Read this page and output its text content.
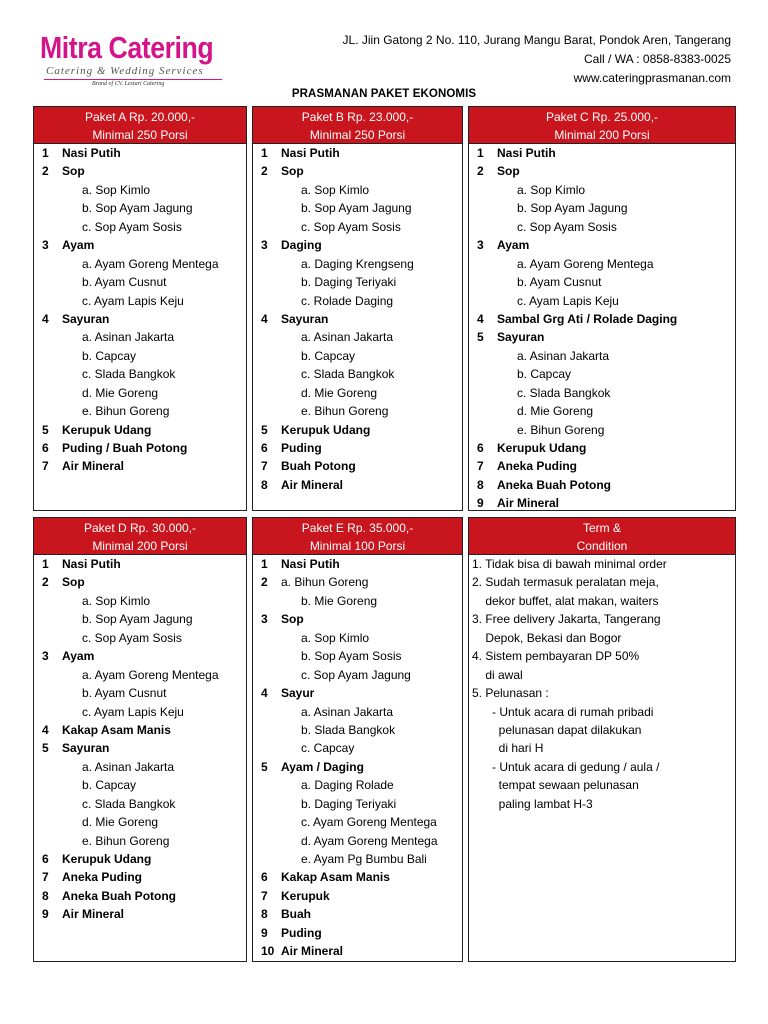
Mitra Catering
Catering & Wedding Services
Brand of CV. Lestari Catering
JL. Jiin Gatong 2 No. 110, Jurang Mangu Barat, Pondok Aren, Tangerang
Call / WA : 0858-8383-0025
www.cateringprasmanan.com
PRASMANAN PAKET EKONOMIS
Paket A Rp. 20.000,-
Minimal 250 Porsi
1	Nasi Putih
2	Sop
a. Sop Kimlo
b. Sop Ayam Jagung
c. Sop Ayam Sosis
3	Ayam
a. Ayam Goreng Mentega
b. Ayam Cusnut
c. Ayam Lapis Keju
4	Sayuran
a. Asinan Jakarta
b. Capcay
c. Slada Bangkok
d. Mie Goreng
e. Bihun Goreng
5	Kerupuk Udang
6	Puding / Buah Potong
7	Air Mineral
Paket B Rp. 23.000,-
Minimal 250 Porsi
1	Nasi Putih
2	Sop
a. Sop Kimlo
b. Sop Ayam Jagung
c. Sop Ayam Sosis
3	Daging
a. Daging Krengseng
b. Daging Teriyaki
c. Rolade Daging
4	Sayuran
a. Asinan Jakarta
b. Capcay
c. Slada Bangkok
d. Mie Goreng
e. Bihun Goreng
5	Kerupuk Udang
6	Puding
7	Buah Potong
8	Air Mineral
Paket C Rp. 25.000,-
Minimal 200 Porsi
1	Nasi Putih
2	Sop
a. Sop Kimlo
b. Sop Ayam Jagung
c. Sop Ayam Sosis
3	Ayam
a. Ayam Goreng Mentega
b. Ayam Cusnut
c. Ayam Lapis Keju
4	Sambal Grg Ati / Rolade Daging
5	Sayuran
a. Asinan Jakarta
b. Capcay
c. Slada Bangkok
d. Mie Goreng
e. Bihun Goreng
6	Kerupuk Udang
7	Aneka Puding
8	Aneka Buah Potong
9	Air Mineral
Paket D Rp. 30.000,-
Minimal 200 Porsi
1	Nasi Putih
2	Sop
a. Sop Kimlo
b. Sop Ayam Jagung
c. Sop Ayam Sosis
3	Ayam
a. Ayam Goreng Mentega
b. Ayam Cusnut
c. Ayam Lapis Keju
4	Kakap Asam Manis
5	Sayuran
a. Asinan Jakarta
b. Capcay
c. Slada Bangkok
d. Mie Goreng
e. Bihun Goreng
6	Kerupuk Udang
7	Aneka Puding
8	Aneka Buah Potong
9	Air Mineral
Paket E Rp. 35.000,-
Minimal 100 Porsi
1	Nasi Putih
2	a. Bihun Goreng
b. Mie Goreng
3	Sop
a. Sop Kimlo
b. Sop Ayam Sosis
c. Sop Ayam Jagung
4	Sayur
a. Asinan Jakarta
b. Slada Bangkok
c. Capcay
5	Ayam / Daging
a. Daging Rolade
b. Daging Teriyaki
c. Ayam Goreng Mentega
d. Ayam Goreng Mentega
e. Ayam Pg Bumbu Bali
6	Kakap Asam Manis
7	Kerupuk
8	Buah
9	Puding
10 Air Mineral
Term &
Condition
1. Tidak bisa di bawah minimal order
2. Sudah termasuk peralatan meja,
dekor buffet, alat makan, waiters
3. Free delivery Jakarta, Tangerang
Depok, Bekasi dan Bogor
4. Sistem pembayaran DP 50%
di awal
5. Pelunasan :
- Untuk acara di rumah pribadi
pelunasan dapat dilakukan
di hari H
- Untuk acara di gedung / aula /
tempat sewaan pelunasan
paling lambat H-3
